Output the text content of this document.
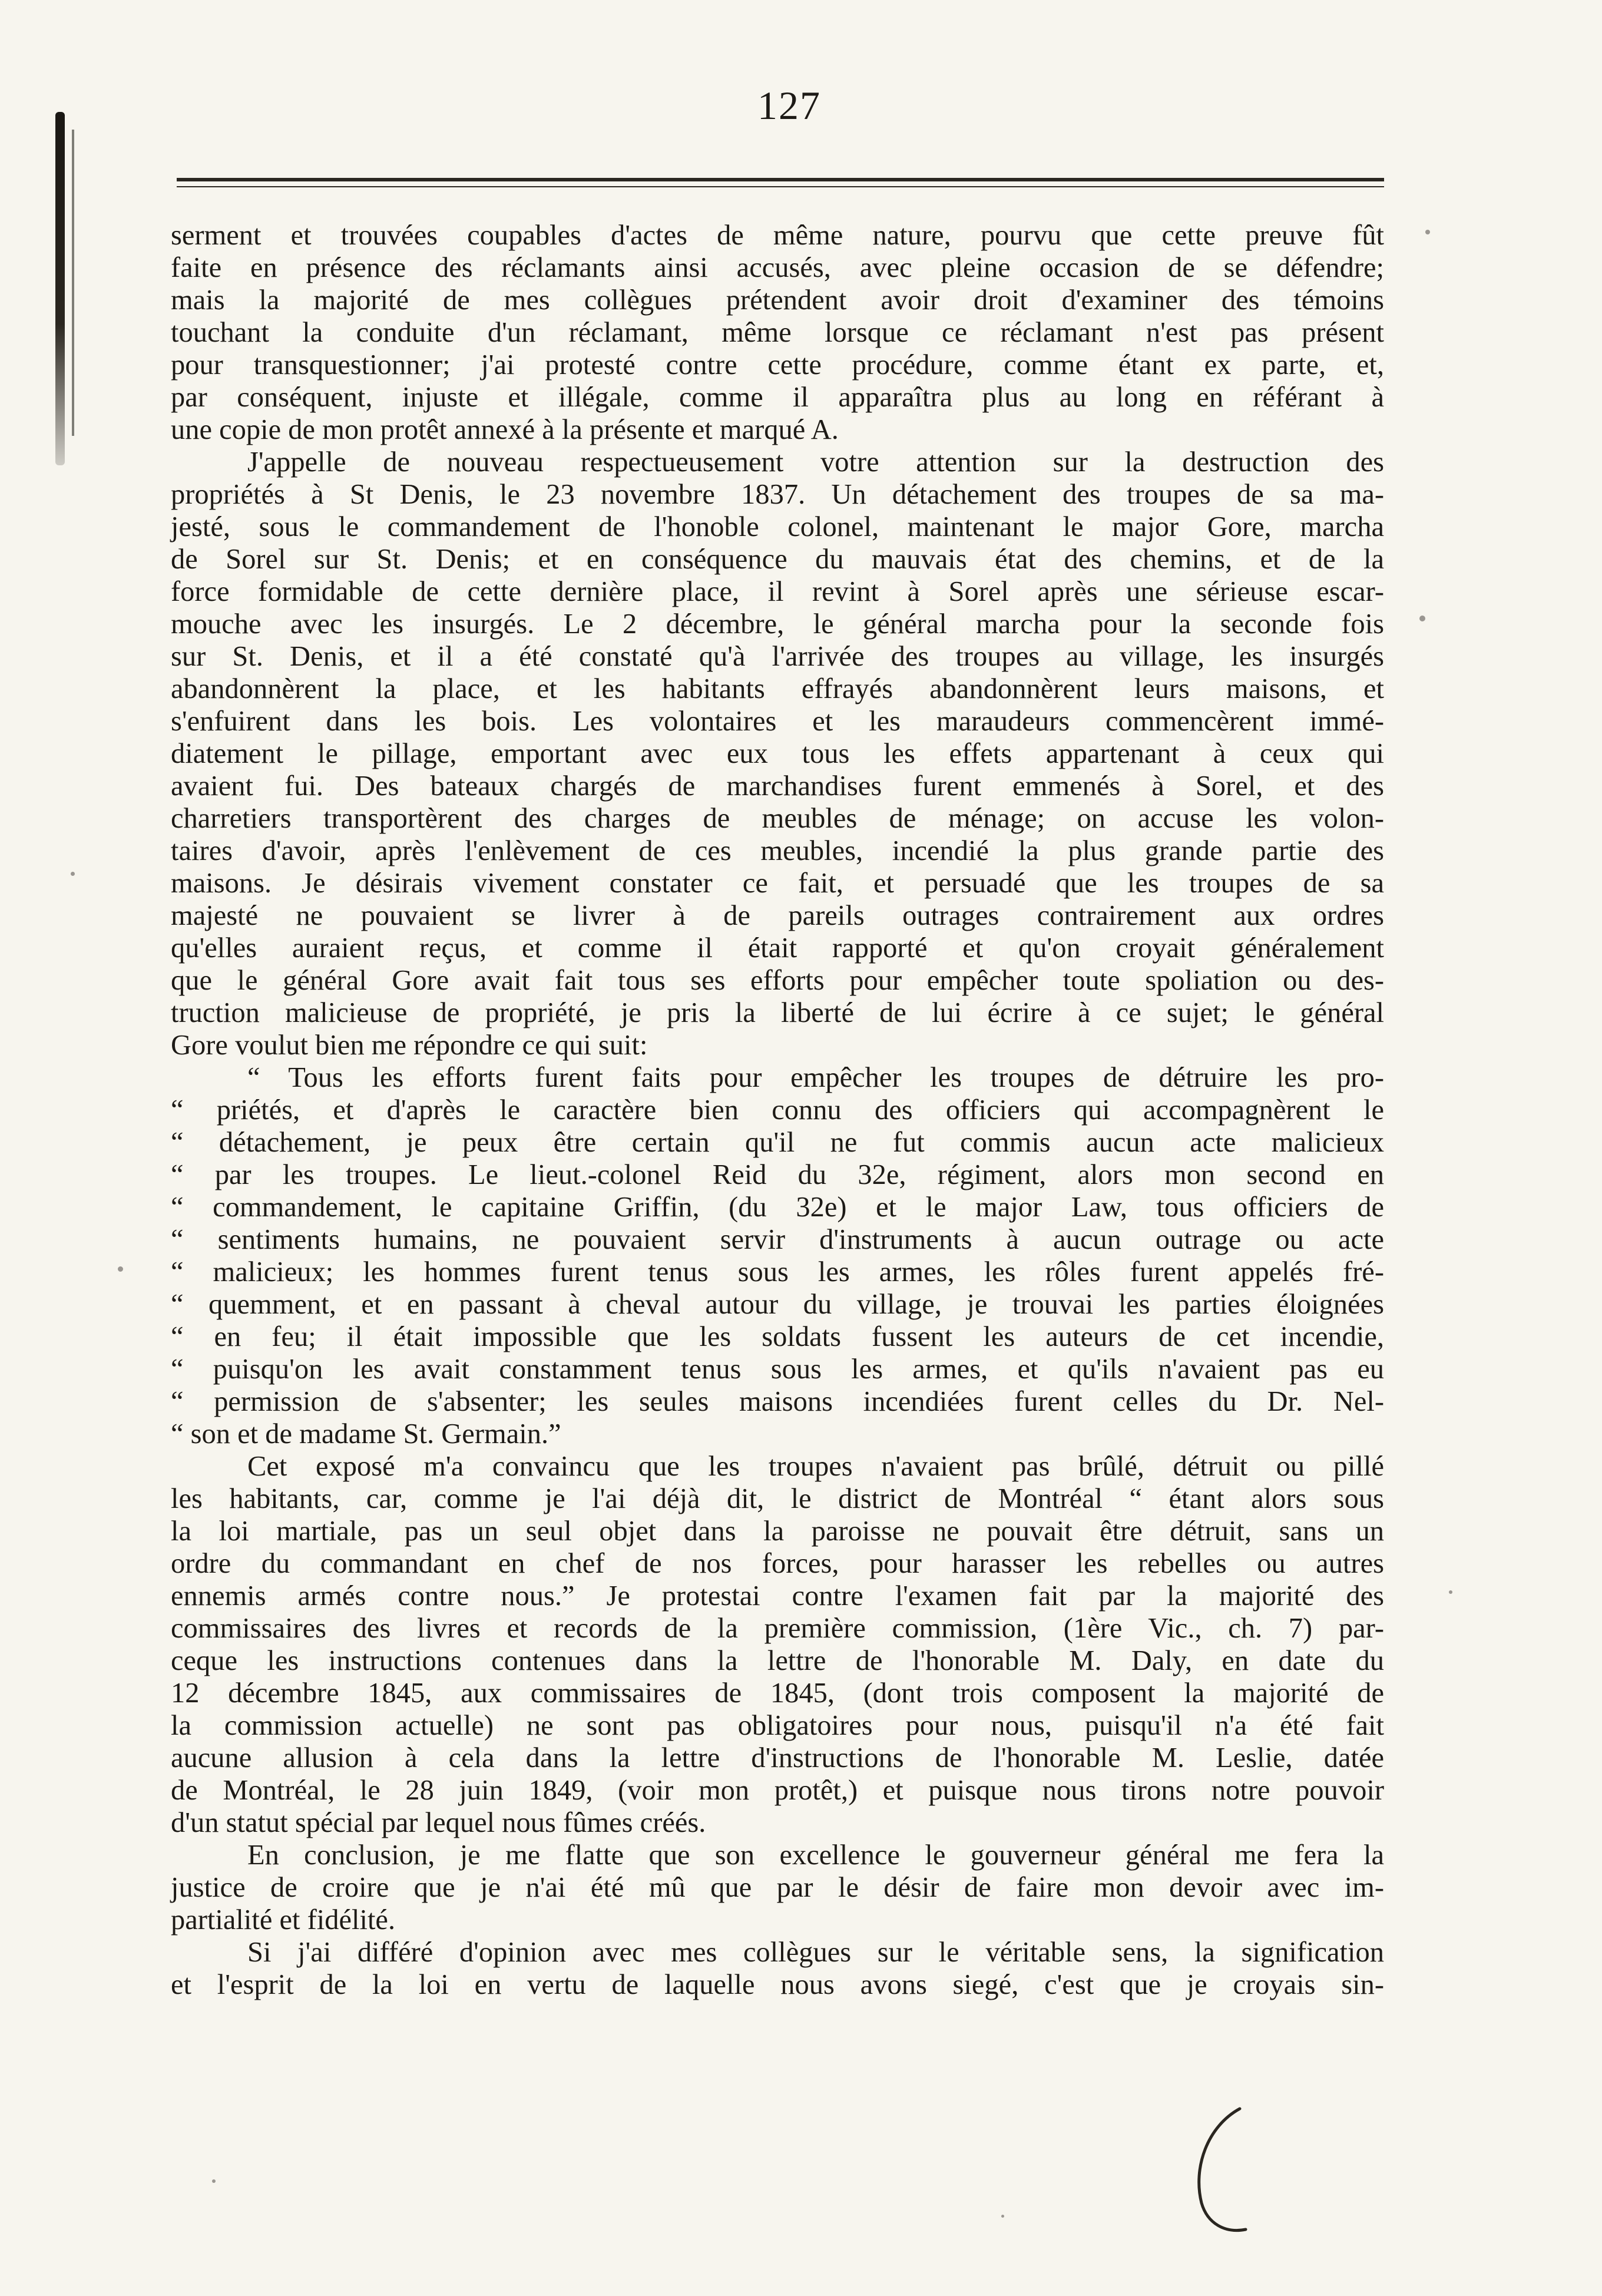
127
serment et trouvées coupables d'actes de même nature, pourvu que cette preuve fût
faite en présence des réclamants ainsi accusés, avec pleine occasion de se défendre;
mais la majorité de mes collègues prétendent avoir droit d'examiner des témoins
touchant la conduite d'un réclamant, même lorsque ce réclamant n'est pas présent
pour transquestionner; j'ai protesté contre cette procédure, comme étant ex parte, et,
par conséquent, injuste et illégale, comme il apparaîtra plus au long en référant à
une copie de mon protêt annexé à la présente et marqué A.
J'appelle de nouveau respectueusement votre attention sur la destruction des
propriétés à St Denis, le 23 novembre 1837. Un détachement des troupes de sa ma-
jesté, sous le commandement de l'honoble colonel, maintenant le major Gore, marcha
de Sorel sur St. Denis; et en conséquence du mauvais état des chemins, et de la
force formidable de cette dernière place, il revint à Sorel après une sérieuse escar-
mouche avec les insurgés. Le 2 décembre, le général marcha pour la seconde fois
sur St. Denis, et il a été constaté qu'à l'arrivée des troupes au village, les insurgés
abandonnèrent la place, et les habitants effrayés abandonnèrent leurs maisons, et
s'enfuirent dans les bois. Les volontaires et les maraudeurs commencèrent immé-
diatement le pillage, emportant avec eux tous les effets appartenant à ceux qui
avaient fui. Des bateaux chargés de marchandises furent emmenés à Sorel, et des
charretiers transportèrent des charges de meubles de ménage; on accuse les volon-
taires d'avoir, après l'enlèvement de ces meubles, incendié la plus grande partie des
maisons. Je désirais vivement constater ce fait, et persuadé que les troupes de sa
majesté ne pouvaient se livrer à de pareils outrages contrairement aux ordres
qu'elles auraient reçus, et comme il était rapporté et qu'on croyait généralement
que le général Gore avait fait tous ses efforts pour empêcher toute spoliation ou des-
truction malicieuse de propriété, je pris la liberté de lui écrire à ce sujet; le général
Gore voulut bien me répondre ce qui suit:
“ Tous les efforts furent faits pour empêcher les troupes de détruire les pro-
“ priétés, et d'après le caractère bien connu des officiers qui accompagnèrent le
“ détachement, je peux être certain qu'il ne fut commis aucun acte malicieux
“ par les troupes. Le lieut.-colonel Reid du 32e, régiment, alors mon second en
“ commandement, le capitaine Griffin, (du 32e) et le major Law, tous officiers de
“ sentiments humains, ne pouvaient servir d'instruments à aucun outrage ou acte
“ malicieux; les hommes furent tenus sous les armes, les rôles furent appelés fré-
“ quemment, et en passant à cheval autour du village, je trouvai les parties éloignées
“ en feu; il était impossible que les soldats fussent les auteurs de cet incendie,
“ puisqu'on les avait constamment tenus sous les armes, et qu'ils n'avaient pas eu
“ permission de s'absenter; les seules maisons incendiées furent celles du Dr. Nel-
“ son et de madame St. Germain.”
Cet exposé m'a convaincu que les troupes n'avaient pas brûlé, détruit ou pillé
les habitants, car, comme je l'ai déjà dit, le district de Montréal “ étant alors sous
la loi martiale, pas un seul objet dans la paroisse ne pouvait être détruit, sans un
ordre du commandant en chef de nos forces, pour harasser les rebelles ou autres
ennemis armés contre nous.” Je protestai contre l'examen fait par la majorité des
commissaires des livres et records de la première commission, (1ère Vic., ch. 7) par-
ceque les instructions contenues dans la lettre de l'honorable M. Daly, en date du
12 décembre 1845, aux commissaires de 1845, (dont trois composent la majorité de
la commission actuelle) ne sont pas obligatoires pour nous, puisqu'il n'a été fait
aucune allusion à cela dans la lettre d'instructions de l'honorable M. Leslie, datée
de Montréal, le 28 juin 1849, (voir mon protêt,) et puisque nous tirons notre pouvoir
d'un statut spécial par lequel nous fûmes créés.
En conclusion, je me flatte que son excellence le gouverneur général me fera la
justice de croire que je n'ai été mû que par le désir de faire mon devoir avec im-
partialité et fidélité.
Si j'ai différé d'opinion avec mes collègues sur le véritable sens, la signification
et l'esprit de la loi en vertu de laquelle nous avons siegé, c'est que je croyais sin-
